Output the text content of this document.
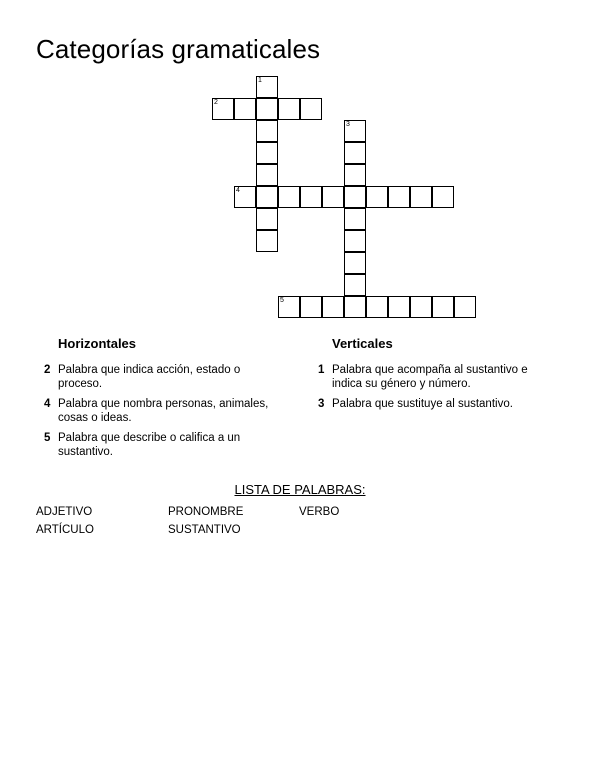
Categorías gramaticales
1
2
3
4
5
Horizontales
2 Palabra que indica acción, estado o proceso.
4 Palabra que nombra personas, animales, cosas o ideas.
5 Palabra que describe o califica a un sustantivo.
Verticales
1 Palabra que acompaña al sustantivo e indica su género y número.
3 Palabra que sustituye al sustantivo.
LISTA DE PALABRAS:
ADJETIVO	PRONOMBRE	VERBO
ARTÍCULO	SUSTANTIVO
